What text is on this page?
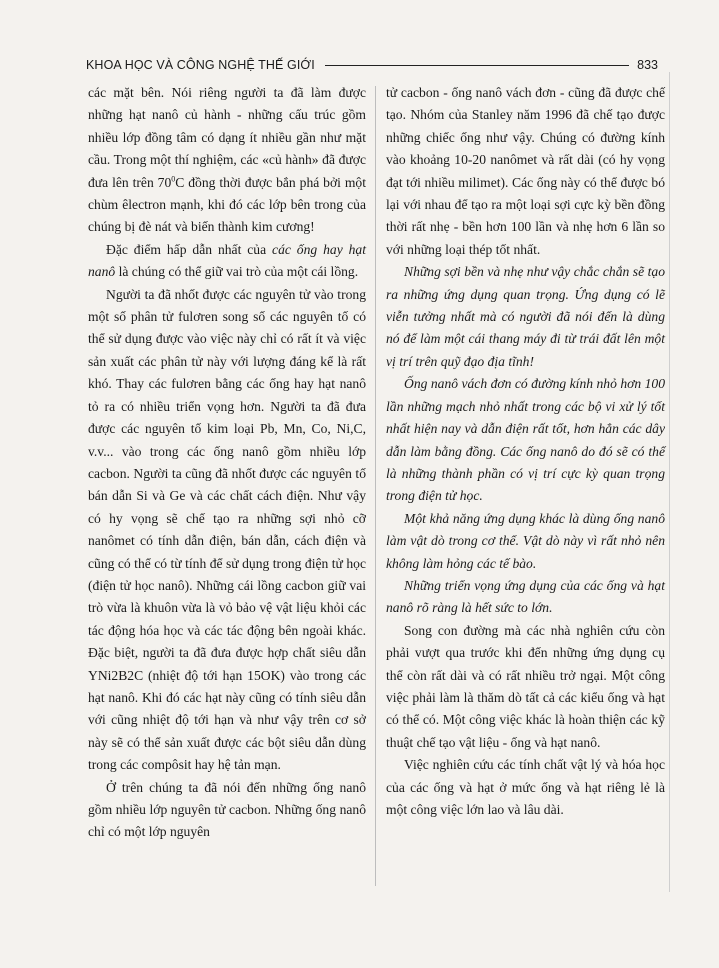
KHOA HỌC VÀ CÔNG NGHỆ THẾ GIỚI	833

các mặt bên. Nói riêng người ta đã làm được những hạt nanô củ hành - những cấu trúc gồm nhiều lớp đồng tâm có dạng ít nhiều gần như mặt cầu. Trong một thí nghiệm, các «củ hành» đã được đưa lên trên $70^0C$ đồng thời được bắn phá bởi một chùm êlectron mạnh, khi đó các lớp bên trong của chúng bị đè nát và biến thành kim cương!

Đặc điểm hấp dẫn nhất của các ống hay hạt nanô là chúng có thể giữ vai trò của một cái lồng.

Người ta đã nhốt được các nguyên tử vào trong một số phân tử fulơren song số các nguyên tố có thể sử dụng được vào việc này chỉ có rất ít và việc sản xuất các phân tử này với lượng đáng kể là rất khó. Thay các fulơren bằng các ống hay hạt nanô tỏ ra có nhiều triển vọng hơn. Người ta đã đưa được các nguyên tố kim loại Pb, Mn, Co, Ni,C, v.v... vào trong các ống nanô gồm nhiều lớp cacbon. Người ta cũng đã nhốt được các nguyên tố bán dẫn Si và Ge và các chất cách điện. Như vậy có hy vọng sẽ chế tạo ra những sợi nhỏ cỡ nanômet có tính dẫn điện, bán dẫn, cách điện và cũng có thể có từ tính để sử dụng trong điện tử học (điện tử học nanô). Những cái lồng cacbon giữ vai trò vừa là khuôn vừa là vỏ bảo vệ vật liệu khỏi các tác động hóa học và các tác động bên ngoài khác. Đặc biệt, người ta đã đưa được hợp chất siêu dẫn YNi2B2C (nhiệt độ tới hạn 15OK) vào trong các hạt nanô. Khi đó các hạt này cũng có tính siêu dẫn với cũng nhiệt độ tới hạn và như vậy trên cơ sở này sẽ có thể sản xuất được các bột siêu dẫn dùng trong các compôsit hay hệ tản mạn.

Ở trên chúng ta đã nói đến những ống nanô gồm nhiều lớp nguyên tử cacbon. Những ống nanô chỉ có một lớp nguyên

tử cacbon - ống nanô vách đơn - cũng đã được chế tạo. Nhóm của Stanley năm 1996 đã chế tạo được những chiếc ống như vậy. Chúng có đường kính vào khoảng 10-20 nanômet và rất dài (có hy vọng đạt tới nhiều milimet). Các ống này có thể được bó lại với nhau để tạo ra một loại sợi cực kỳ bền đồng thời rất nhẹ - bền hơn 100 lần và nhẹ hơn 6 lần so với những loại thép tốt nhất.

Những sợi bền và nhẹ như vậy chắc chắn sẽ tạo ra những ứng dụng quan trọng. Ứng dụng có lẽ viễn tưởng nhất mà có người đã nói đến là dùng nó để làm một cái thang máy đi từ trái đất lên một vị trí trên quỹ đạo địa tĩnh!

Ống nanô vách đơn có đường kính nhỏ hơn 100 lần những mạch nhỏ nhất trong các bộ vi xử lý tốt nhất hiện nay và dẫn điện rất tốt, hơn hẳn các dây dẫn làm bằng đồng. Các ống nanô do đó sẽ có thể là những thành phần có vị trí cực kỳ quan trọng trong điện tử học.

Một khả năng ứng dụng khác là dùng ống nanô làm vật dò trong cơ thể. Vật dò này vì rất nhỏ nên không làm hỏng các tế bào.

Những triển vọng ứng dụng của các ống và hạt nanô rõ ràng là hết sức to lớn.

Song con đường mà các nhà nghiên cứu còn phải vượt qua trước khi đến những ứng dụng cụ thể còn rất dài và có rất nhiều trở ngại. Một công việc phải làm là thăm dò tất cả các kiểu ống và hạt có thể có. Một công việc khác là hoàn thiện các kỹ thuật chế tạo vật liệu - ống và hạt nanô.

Việc nghiên cứu các tính chất vật lý và hóa học của các ống và hạt ở mức ống và hạt riêng lẻ là một công việc lớn lao và lâu dài.
